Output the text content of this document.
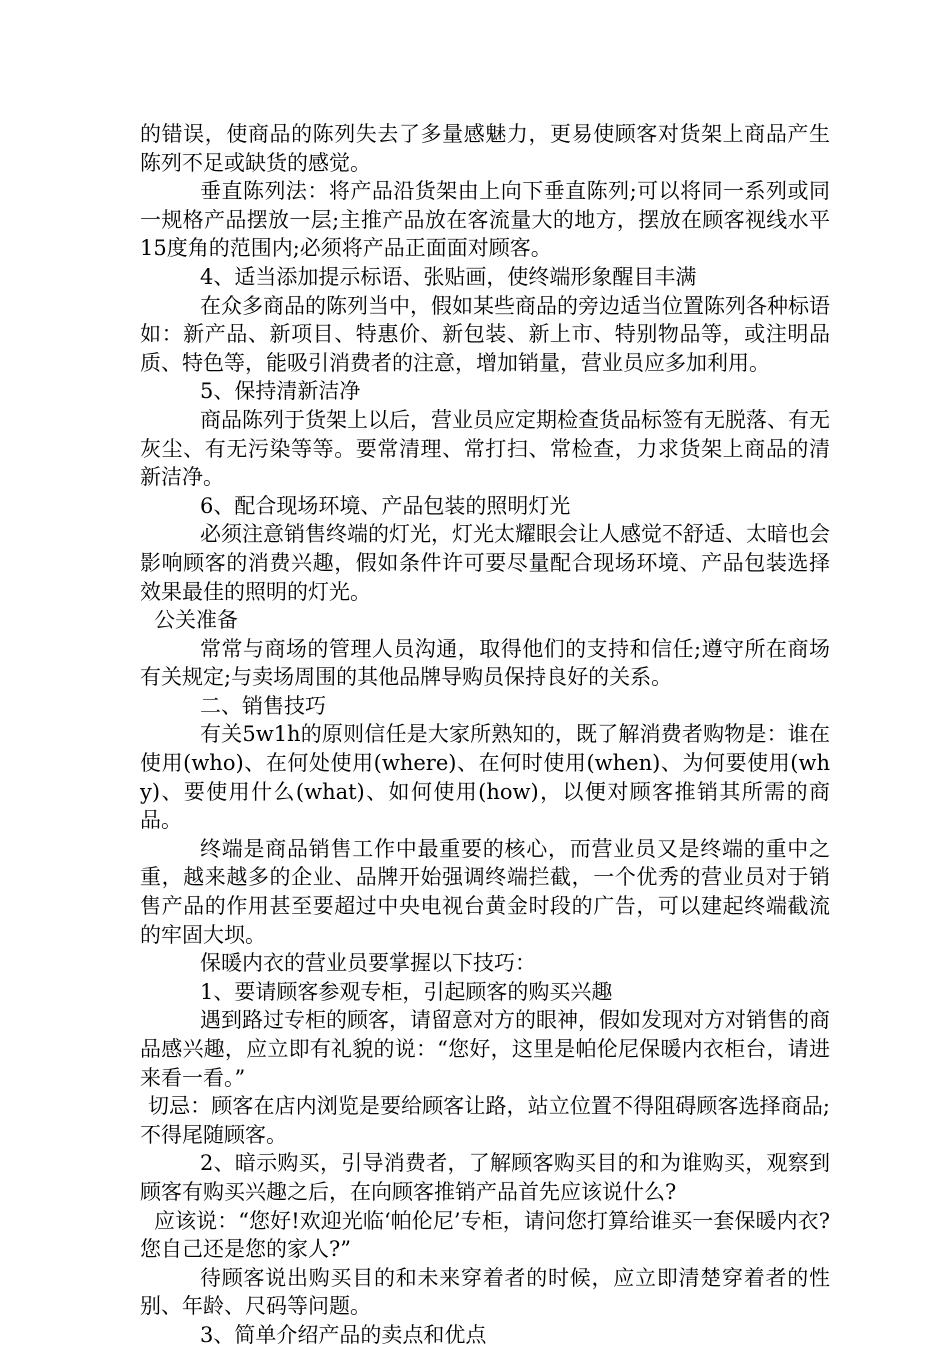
的错误，使商品的陈列失去了多量感魅力，更易使顾客对货架上商品产生陈列不足或缺货的感觉。

垂直陈列法：将产品沿货架由上向下垂直陈列;可以将同一系列或同一规格产品摆放一层;主推产品放在客流量大的地方，摆放在顾客视线水平15度角的范围内;必须将产品正面面对顾客。

4、适当添加提示标语、张贴画，使终端形象醒目丰满

在众多商品的陈列当中，假如某些商品的旁边适当位置陈列各种标语如：新产品、新项目、特惠价、新包装、新上市、特别物品等，或注明品质、特色等，能吸引消费者的注意，增加销量，营业员应多加利用。

5、保持清新洁净

商品陈列于货架上以后，营业员应定期检查货品标签有无脱落、有无灰尘、有无污染等等。要常清理、常打扫、常检查，力求货架上商品的清新洁净。

6、配合现场环境、产品包装的照明灯光

必须注意销售终端的灯光，灯光太耀眼会让人感觉不舒适、太暗也会影响顾客的消费兴趣，假如条件许可要尽量配合现场环境、产品包装选择效果最佳的照明的灯光。

公关准备

常常与商场的管理人员沟通，取得他们的支持和信任;遵守所在商场有关规定;与卖场周围的其他品牌导购员保持良好的关系。

二、销售技巧

有关5w1h的原则信任是大家所熟知的，既了解消费者购物是：谁在使用(who)、在何处使用(where)、在何时使用(when)、为何要使用(why)、要使用什么(what)、如何使用(how)，以便对顾客推销其所需的商品。

终端是商品销售工作中最重要的核心，而营业员又是终端的重中之重，越来越多的企业、品牌开始强调终端拦截，一个优秀的营业员对于销售产品的作用甚至要超过中央电视台黄金时段的广告，可以建起终端截流的牢固大坝。

保暖内衣的营业员要掌握以下技巧：

1、要请顾客参观专柜，引起顾客的购买兴趣

遇到路过专柜的顾客，请留意对方的眼神，假如发现对方对销售的商品感兴趣，应立即有礼貌的说：“您好，这里是帕伦尼保暖内衣柜台，请进来看一看。”

切忌：顾客在店内浏览是要给顾客让路，站立位置不得阻碍顾客选择商品;不得尾随顾客。

2、暗示购买，引导消费者，了解顾客购买目的和为谁购买，观察到顾客有购买兴趣之后，在向顾客推销产品首先应该说什么?

应该说：“您好!欢迎光临‘帕伦尼’专柜，请问您打算给谁买一套保暖内衣?您自己还是您的家人?”

待顾客说出购买目的和未来穿着者的时候，应立即清楚穿着者的性别、年龄、尺码等问题。

3、简单介绍产品的卖点和优点
